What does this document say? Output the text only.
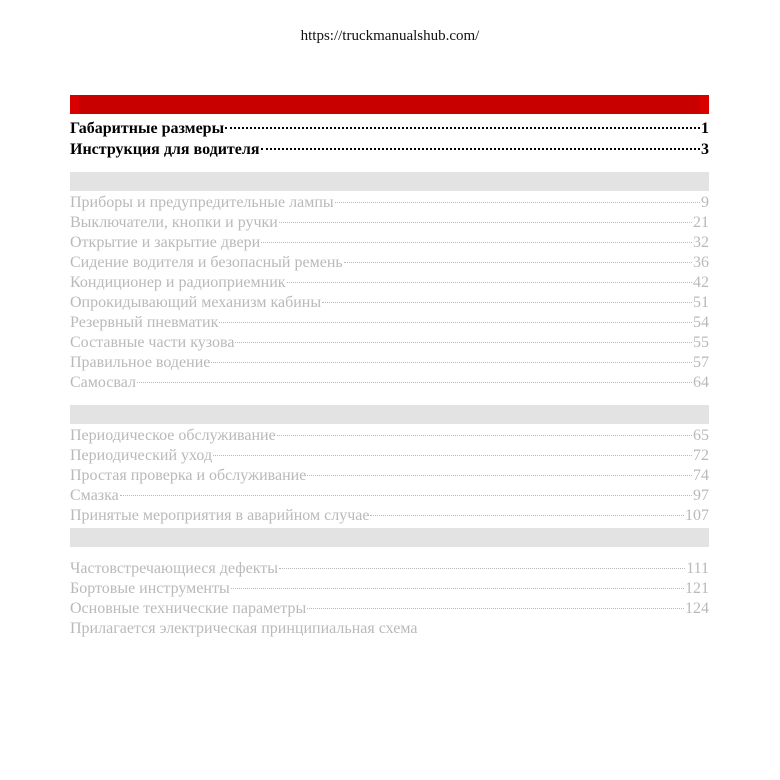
https://truckmanualshub.com/
Габаритные размеры	1
Инструкция для водителя	3
Приборы и предупредительные лампы	9
Выключатели, кнопки и ручки	21
Открытие и закрытие двери	32
Сидение водителя и безопасный ремень	36
Кондиционер и радиоприемник	42
Опрокидывающий механизм кабины	51
Резервный пневматик	54
Составные части кузова	55
Правильное водение	57
Самосвал	64
Периодическое обслуживание	65
Периодический уход	72
Простая проверка и обслуживание	74
Смазка	97
Принятые мероприятия в аварийном случае	107
Частовстречающиеся дефекты	111
Бортовые инструменты	121
Основные технические параметры	124
Прилагается электрическая принципиальная схема
